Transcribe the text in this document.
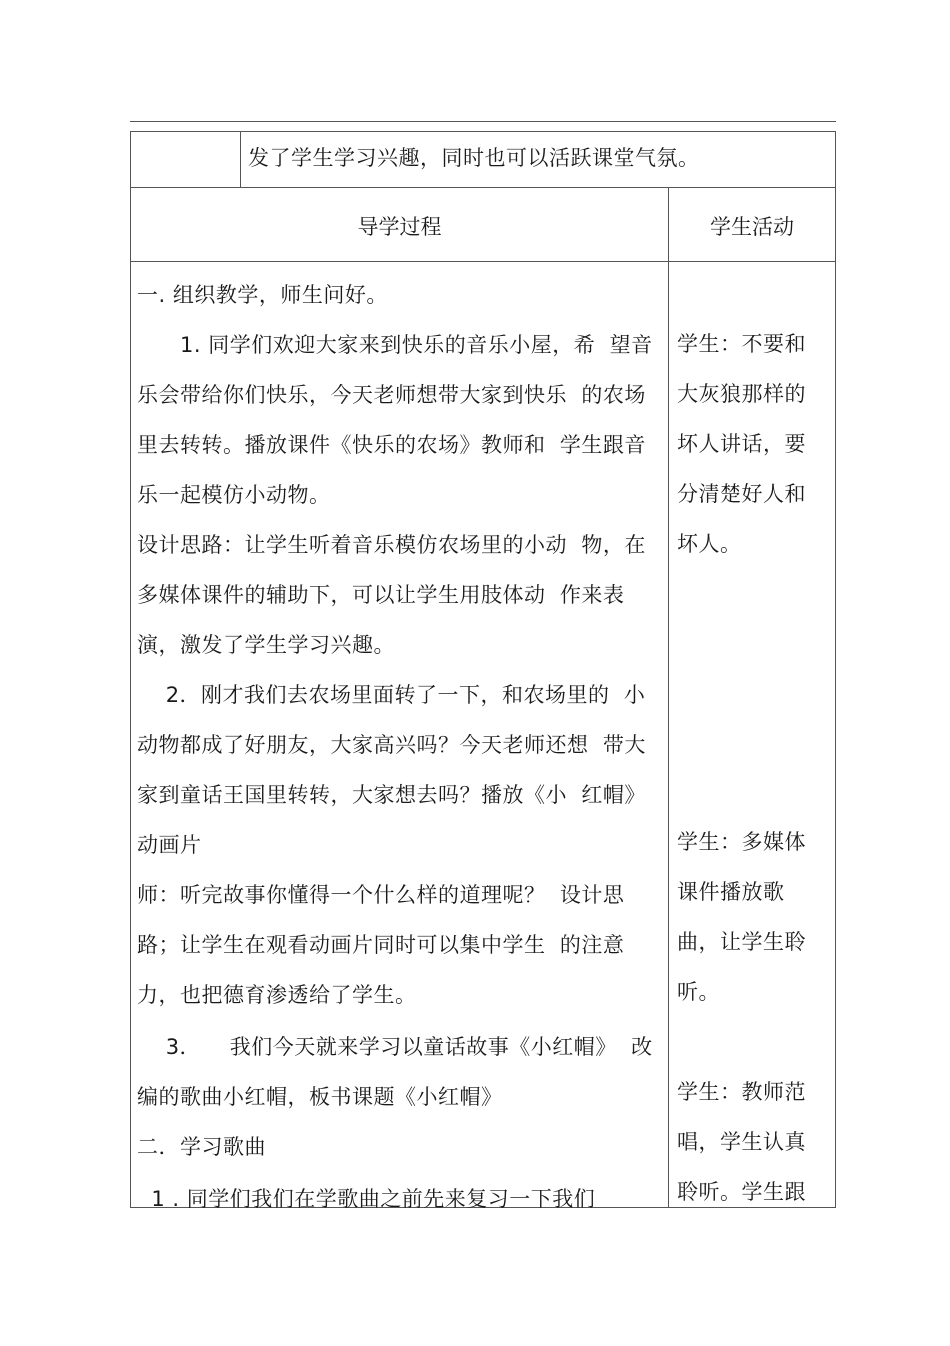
发了学生学习兴趣，同时也可以活跃课堂气氛。
导学过程	学生活动
一. 组织教学，师生问好。
1. 同学们欢迎大家来到快乐的音乐小屋，希  望音
乐会带给你们快乐，今天老师想带大家到快乐  的农场
里去转转。播放课件《快乐的农场》教师和  学生跟音
乐一起模仿小动物。
设计思路：让学生听着音乐模仿农场里的小动  物，在
多媒体课件的辅助下，可以让学生用肢体动  作来表
演，激发了学生学习兴趣。
2．刚才我们去农场里面转了一下，和农场里的  小
动物都成了好朋友，大家高兴吗？今天老师还想  带大
家到童话王国里转转，大家想去吗？播放《小  红帽》
动画片
师：听完故事你懂得一个什么样的道理呢？  设计思
路；让学生在观看动画片同时可以集中学生  的注意
力，也把德育渗透给了学生。
3．    我们今天就来学习以童话故事《小红帽》  改
编的歌曲小红帽，板书课题《小红帽》
二．学习歌曲
1 . 同学们我们在学歌曲之前先来复习一下我们
学生：不要和
大灰狼那样的
坏人讲话，要
分清楚好人和
坏人。
学生：多媒体
课件播放歌
曲，让学生聆
听。
学生：教师范
唱，学生认真
聆听。学生跟
